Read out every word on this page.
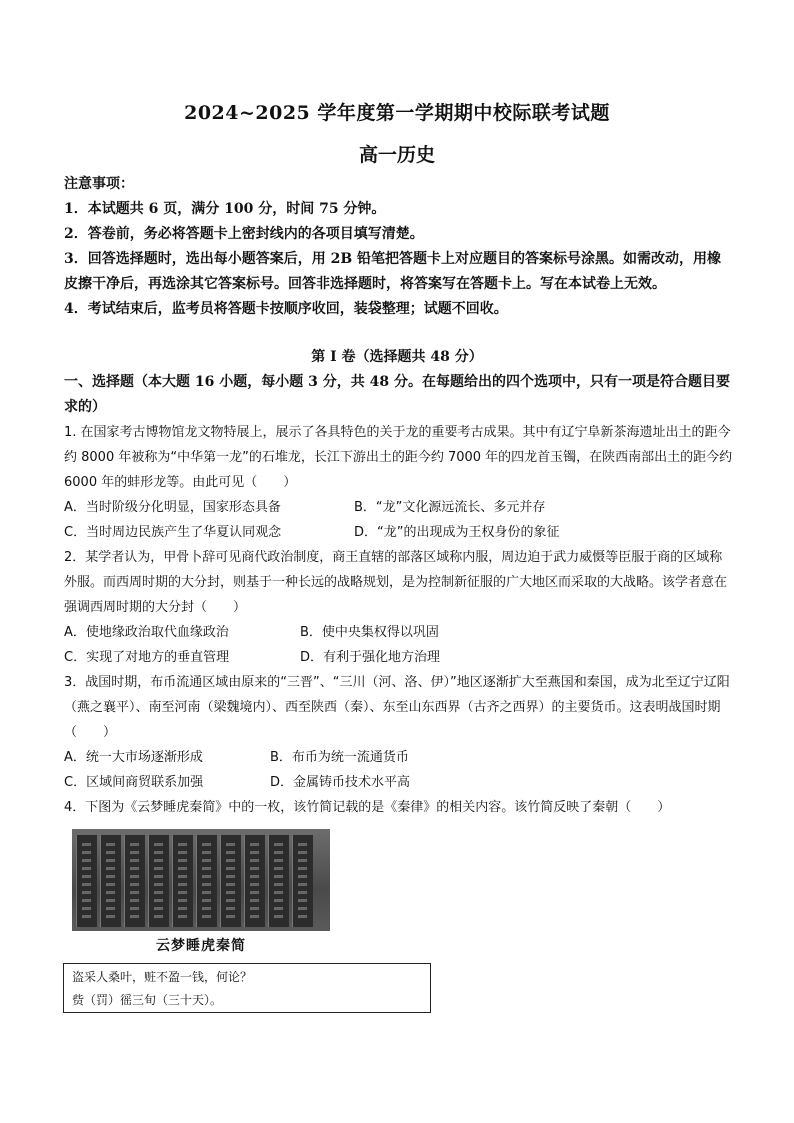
2024~2025 学年度第一学期期中校际联考试题
高一历史

注意事项：

1．本试题共 6 页，满分 100 分，时间 75 分钟。

2．答卷前，务必将答题卡上密封线内的各项目填写清楚。

3．回答选择题时，选出每小题答案后，用 2B 铅笔把答题卡上对应题目的答案标号涂黑。如需改动，用橡皮擦干净后，再选涂其它答案标号。回答非选择题时，将答案写在答题卡上。写在本试卷上无效。

4．考试结束后，监考员将答题卡按顺序收回，装袋整理；试题不回收。

第 I 卷（选择题共 48 分）
一、选择题（本大题 16 小题，每小题 3 分，共 48 分。在每题给出的四个选项中，只有一项是符合题目要求的）

1. 在国家考古博物馆龙文物特展上，展示了各具特色的关于龙的重要考古成果。其中有辽宁阜新茶海遗址出土的距今约 8000 年被称为“中华第一龙”的石堆龙，长江下游出土的距今约 7000 年的四龙首玉镯，在陕西南部出土的距今约 6000 年的蚌形龙等。由此可见（　　）

A．当时阶级分化明显，国家形态具备	B．“龙”文化源远流长、多元并存
C．当时周边民族产生了华夏认同观念	D．“龙”的出现成为王权身份的象征

2．某学者认为，甲骨卜辞可见商代政治制度，商王直辖的部落区域称内服，周边迫于武力威慑等臣服于商的区域称外服。而西周时期的大分封，则基于一种长远的战略规划，是为控制新征服的广大地区而采取的大战略。该学者意在强调西周时期的大分封（　　）

A．使地缘政治取代血缘政治	B．使中央集权得以巩固
C．实现了对地方的垂直管理	D．有利于强化地方治理

3．战国时期，布币流通区域由原来的“三晋”、“三川（河、洛、伊）”地区逐渐扩大至燕国和秦国，成为北至辽宁辽阳（燕之襄平）、南至河南（梁魏境内）、西至陕西（秦）、东至山东西界（古齐之西界）的主要货币。这表明战国时期（　　）

A．统一大市场逐渐形成	B．布币为统一流通货币
C．区域间商贸联系加强	D．金属铸币技术水平高

4．下图为《云梦睡虎秦简》中的一枚，该竹简记载的是《秦律》的相关内容。该竹简反映了秦朝（　　）

云梦睡虎秦简

盗采人桑叶，赃不盈一钱，何论？

赀（罚）徭三旬（三十天）。
